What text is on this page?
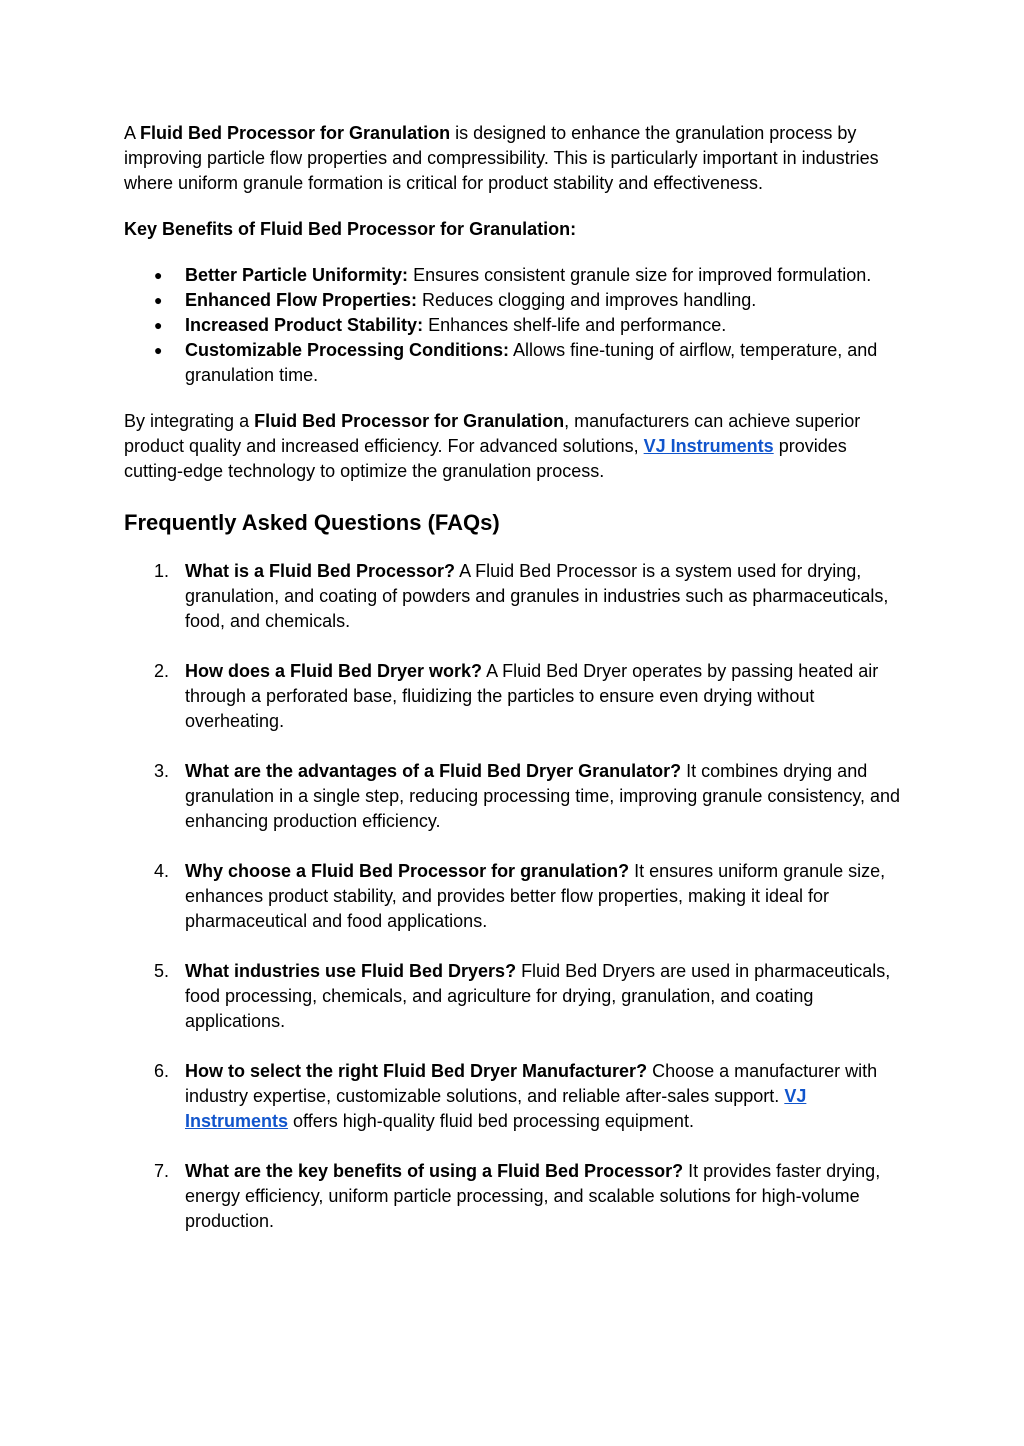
A Fluid Bed Processor for Granulation is designed to enhance the granulation process by improving particle flow properties and compressibility. This is particularly important in industries where uniform granule formation is critical for product stability and effectiveness.

Key Benefits of Fluid Bed Processor for Granulation:

● Better Particle Uniformity: Ensures consistent granule size for improved formulation.
● Enhanced Flow Properties: Reduces clogging and improves handling.
● Increased Product Stability: Enhances shelf-life and performance.
● Customizable Processing Conditions: Allows fine-tuning of airflow, temperature, and granulation time.

By integrating a Fluid Bed Processor for Granulation, manufacturers can achieve superior product quality and increased efficiency. For advanced solutions, VJ Instruments provides cutting-edge technology to optimize the granulation process.

Frequently Asked Questions (FAQs)
1. What is a Fluid Bed Processor? A Fluid Bed Processor is a system used for drying, granulation, and coating of powders and granules in industries such as pharmaceuticals, food, and chemicals.
2. How does a Fluid Bed Dryer work? A Fluid Bed Dryer operates by passing heated air through a perforated base, fluidizing the particles to ensure even drying without overheating.
3. What are the advantages of a Fluid Bed Dryer Granulator? It combines drying and granulation in a single step, reducing processing time, improving granule consistency, and enhancing production efficiency.
4. Why choose a Fluid Bed Processor for granulation? It ensures uniform granule size, enhances product stability, and provides better flow properties, making it ideal for pharmaceutical and food applications.
5. What industries use Fluid Bed Dryers? Fluid Bed Dryers are used in pharmaceuticals, food processing, chemicals, and agriculture for drying, granulation, and coating applications.
6. How to select the right Fluid Bed Dryer Manufacturer? Choose a manufacturer with industry expertise, customizable solutions, and reliable after-sales support. VJ Instruments offers high-quality fluid bed processing equipment.
7. What are the key benefits of using a Fluid Bed Processor? It provides faster drying, energy efficiency, uniform particle processing, and scalable solutions for high-volume production.
